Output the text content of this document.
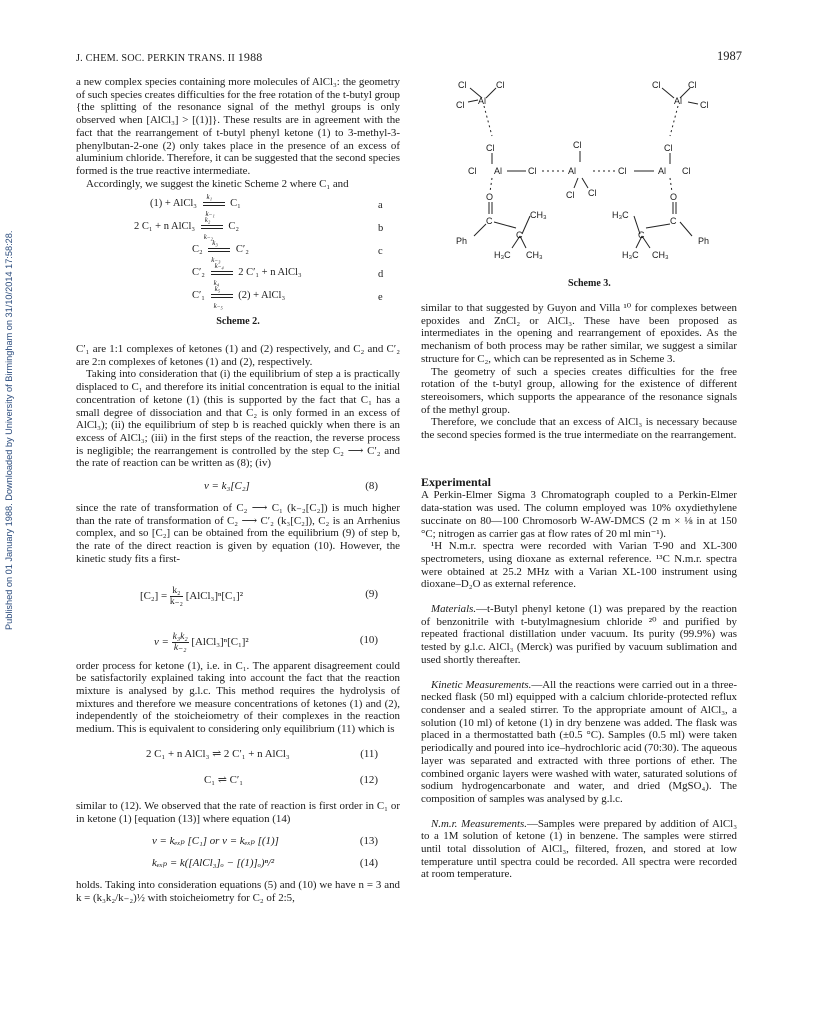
Published on 01 January 1988. Downloaded by University of Birmingham on 31/10/2014 17:58:28.
J. CHEM. SOC. PERKIN TRANS. II 1988	1987

a new complex species containing more molecules of AlCl₃: the geometry of such species creates difficulties for the free rotation of the t-butyl group {the splitting of the resonance signal of the methyl groups is only observed when [AlCl₃] > [(1)]}. These results are in agreement with the fact that the rearrangement of t-butyl phenyl ketone (1) to 3-methyl-3-phenylbutan-2-one (2) only takes place in the presence of an excess of aluminium chloride. Therefore, it can be suggested that the second species formed is the true reactive intermediate.

Accordingly, we suggest the kinetic Scheme 2 where C₁ and

(1) + AlCl₃ $\frac{\text{k₁}}{\text{k₋₁}} C_1$	a
2 C₁ + n AlCl₃ $\frac{\text{k₂}}{\text{k₋₂}} C_2$	b
$C_2 \frac{\text{k₃}}{\text{k₋₃}} C'_2$	c
$C'_2 \frac{\text{k₋₄}}{\text{k₄}} 2$ C′₁ + n AlCl₃	d
$C'_1 \frac{\text{k₅}}{\text{k₋₅}} (2)$ + AlCl₃	e
Scheme 2.

C′₁ are 1:1 complexes of ketones (1) and (2) respectively, and C₂ and C′₂ are 2:n complexes of ketones (1) and (2), respectively.

Taking into consideration that (i) the equilibrium of step a is practically displaced to C₁ and therefore its initial concentration is equal to the initial concentration of ketone (1) (this is supported by the fact that C₁ has a small degree of dissociation and that C₂ is only formed in an excess of AlCl₃); (ii) the equilibrium of step b is reached quickly when there is an excess of AlCl₃; (iii) in the first steps of the reaction, the reverse process is negligible; the rearrangement is controlled by the step C₂ ⟶ C′₂ and the rate of reaction can be written as (8); (iv)

v = k₃[C₂]	(8)

since the rate of transformation of C₂ ⟶ C₁ (k₋₂[C₂]) is much higher than the rate of transformation of C₂ ⟶ C′₂ (k₃[C₂]), C₂ is an Arrhenius complex, and so [C₂] can be obtained from the equilibrium (9) of step b, the rate of the direct reaction is given by equation (10). However, the kinetic study fits a first-

$[C_2] = \frac{\text{k₂}}{\text{k₋₂}}$ [AlCl₃]ⁿ[C₁]²	(9)
$v = \frac{\text{k₃k₂}}{\text{k₋₂}}$ [AlCl₃]ⁿ[C₁]²	(10)

order process for ketone (1), i.e. in C₁. The apparent disagreement could be satisfactorily explained taking into account the fact that the reaction mixture is analysed by g.l.c. This method requires the hydrolysis of mixtures and therefore we measure concentrations of ketones (1) and (2), independently of the stoicheiometry of their complexes in the reaction medium. This is equivalent to considering only equilibrium (11) which is

2 C₁ + n AlCl₃ ⇌ 2 C′₁ + n AlCl₃	(11)
C₁ ⇌ C′₁	(12)

similar to (12). We observed that the rate of reaction is first order in C₁ or in ketone (1) [equation (13)] where equation (14)

v = kₑₓₚ [C₁] or v = kₑₓₚ [(1)]	(13)
kₑₓₚ = k([AlCl₃]ₒ − [(1)]ₒ)ⁿ/²	(14)

holds. Taking into consideration equations (5) and (10) we have n = 3 and k = (k₃k₂/k₋₂)½ with stoicheiometry for C₂ of 2:5,

Cl	Cl
Cl Al
Cl	Cl
Cl
Al
Cl	Cl	Cl
Cl Al	Cl	Al	Cl	Al Cl
Cl Cl
O	O
C	C
Ph	Ph
C	C
CH₃	H₃C
H₃C CH₃	H₃C CH₃
Scheme 3.

similar to that suggested by Guyon and Villa ¹⁰ for complexes between epoxides and ZnCl₂ or AlCl₃. These have been proposed as intermediates in the opening and rearrangement of epoxides. As the mechanism of both process may be rather similar, we suggest a similar structure for C₂, which can be represented as in Scheme 3.

The geometry of such a species creates difficulties for the free rotation of the t-butyl group, allowing for the existence of different stereoisomers, which supports the appearance of the resonance signals of the methyl group.

Therefore, we conclude that an excess of AlCl₃ is necessary because the second species formed is the true intermediate on the rearrangement.

Experimental

A Perkin-Elmer Sigma 3 Chromatograph coupled to a Perkin-Elmer data-station was used. The column employed was 10% oxydiethylene succinate on 80—100 Chromosorb W-AW-DMCS (2 m × ⅛ in at 150 °C; nitrogen as carrier gas at flow rates of 20 ml min⁻¹).

¹H N.m.r. spectra were recorded with Varian T-90 and XL-300 spectrometers, using dioxane as external reference. ¹³C N.m.r. spectra were obtained at 25.2 MHz with a Varian XL-100 instrument using dioxane–D₂O as external reference.

Materials.—t-Butyl phenyl ketone (1) was prepared by the reaction of benzonitrile with t-butylmagnesium chloride ²⁰ and purified by repeated fractional distillation under vacuum. Its purity (99.9%) was tested by g.l.c. AlCl₃ (Merck) was purified by vacuum sublimation and used shortly thereafter.

Kinetic Measurements.—All the reactions were carried out in a three-necked flask (50 ml) equipped with a calcium chloride-protected reflux condenser and a sealed stirrer. To the appropriate amount of AlCl₃, a solution (10 ml) of ketone (1) in dry benzene was added. The flask was placed in a thermostatted bath (±0.5 °C). Samples (0.5 ml) were taken periodically and poured into ice–hydrochloric acid (70:30). The aqueous layer was separated and extracted with three portions of ether. The combined organic layers were washed with water, saturated solutions of sodium hydrogencarbonate and water, and dried (MgSO₄). The composition of samples was analysed by g.l.c.

N.m.r. Measurements.—Samples were prepared by addition of AlCl₃ to a 1M solution of ketone (1) in benzene. The samples were stirred until total dissolution of AlCl₃, filtered, frozen, and stored at low temperature until spectra could be recorded. All spectra were recorded at room temperature.
